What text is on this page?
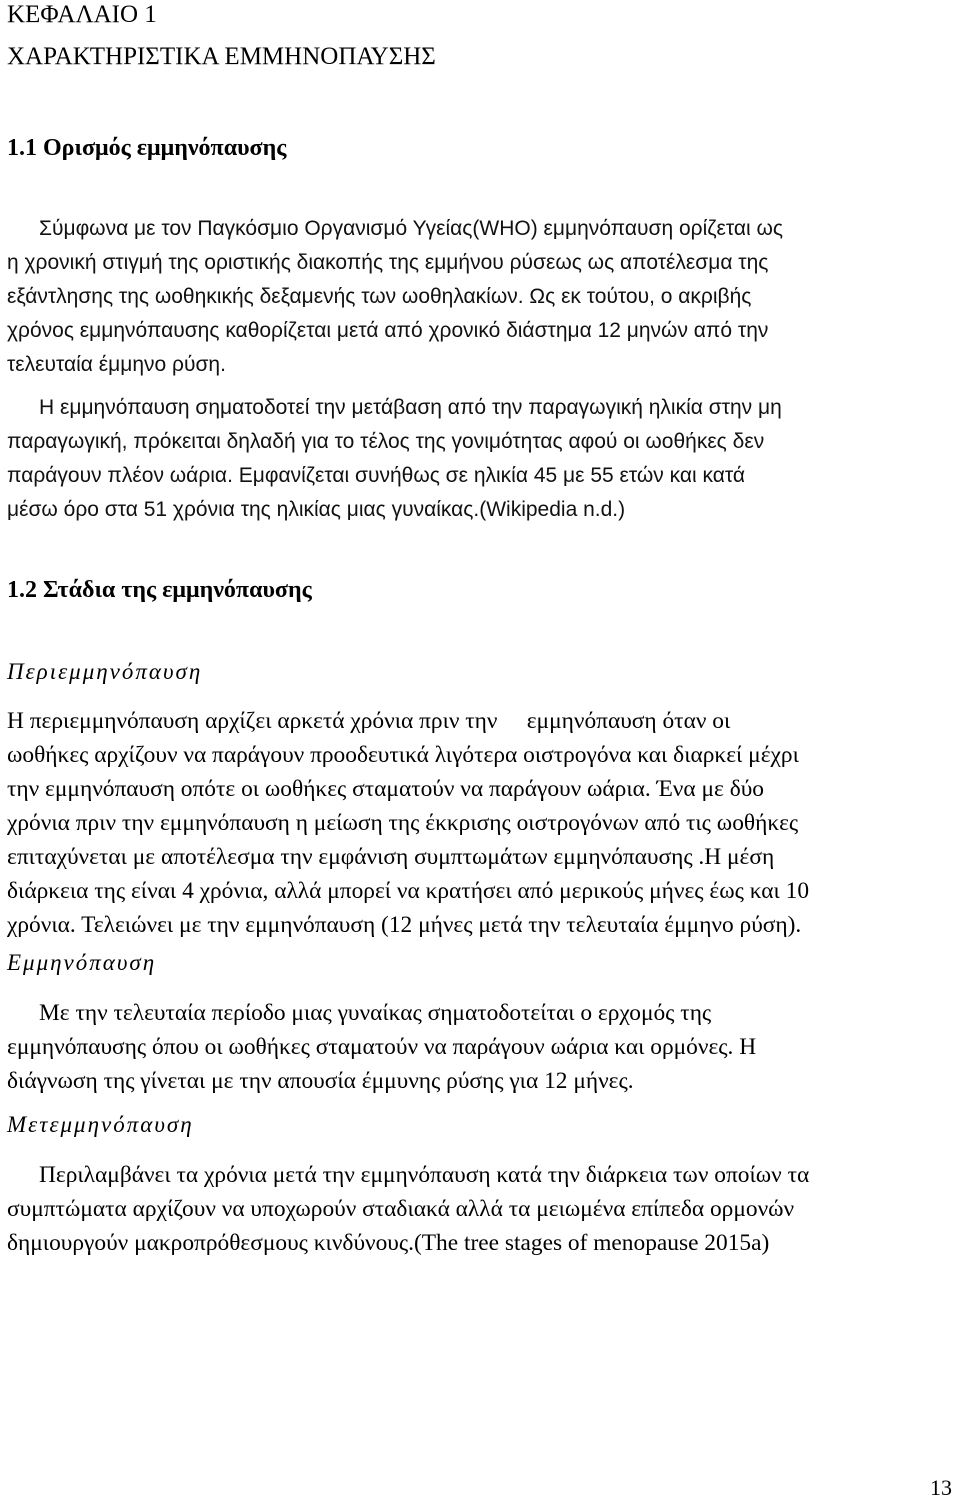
ΚΕΦΑΛΑΙΟ 1
ΧΑΡΑΚΤΗΡΙΣΤΙΚΑ ΕΜΜΗΝΟΠΑΥΣΗΣ
1.1 Ορισμός εμμηνόπαυσης
Σύμφωνα με τον Παγκόσμιο Οργανισμό Υγείας(WHO) εμμηνόπαυση ορίζεται ως
η χρονική στιγμή της οριστικής διακοπής της εμμήνου ρύσεως ως αποτέλεσμα της
εξάντλησης της ωοθηκικής δεξαμενής των ωοθηλακίων. Ως εκ τούτου, ο ακριβής
χρόνος εμμηνόπαυσης καθορίζεται μετά από χρονικό διάστημα 12 μηνών από την
τελευταία έμμηνο ρύση.
Η εμμηνόπαυση σηματοδοτεί την μετάβαση από την παραγωγική ηλικία στην μη
παραγωγική, πρόκειται δηλαδή για το τέλος της γονιμότητας αφού οι ωοθήκες δεν
παράγουν πλέον ωάρια. Εμφανίζεται συνήθως σε ηλικία 45 με 55 ετών και κατά
μέσω όρο στα 51 χρόνια της ηλικίας μιας γυναίκας.(Wikipedia n.d.)
1.2 Στάδια της εμμηνόπαυσης
Περιεμμηνόπαυση
Η περιεμμηνόπαυση αρχίζει αρκετά χρόνια πριν την     εμμηνόπαυση όταν οι
ωοθήκες αρχίζουν να παράγουν προοδευτικά λιγότερα οιστρογόνα και διαρκεί μέχρι
την εμμηνόπαυση οπότε οι ωοθήκες σταματούν να παράγουν ωάρια. Ένα με δύο
χρόνια πριν την εμμηνόπαυση η μείωση της έκκρισης οιστρογόνων από τις ωοθήκες
επιταχύνεται με αποτέλεσμα την εμφάνιση συμπτωμάτων εμμηνόπαυσης .Η μέση
διάρκεια της είναι 4 χρόνια, αλλά μπορεί να κρατήσει από μερικούς μήνες έως και 10
χρόνια. Τελειώνει με την εμμηνόπαυση (12 μήνες μετά την τελευταία έμμηνο ρύση).
Εμμηνόπαυση
Με την τελευταία περίοδο μιας γυναίκας σηματοδοτείται ο ερχομός της
εμμηνόπαυσης όπου οι ωοθήκες σταματούν να παράγουν ωάρια και ορμόνες. Η
διάγνωση της γίνεται με την απουσία έμμυνης ρύσης για 12 μήνες.
Μετεμμηνόπαυση
Περιλαμβάνει τα χρόνια μετά την εμμηνόπαυση κατά την διάρκεια των οποίων τα
συμπτώματα αρχίζουν να υποχωρούν σταδιακά αλλά τα μειωμένα επίπεδα ορμονών
δημιουργούν μακροπρόθεσμους κινδύνους.(The tree stages of menopause 2015a)
13
